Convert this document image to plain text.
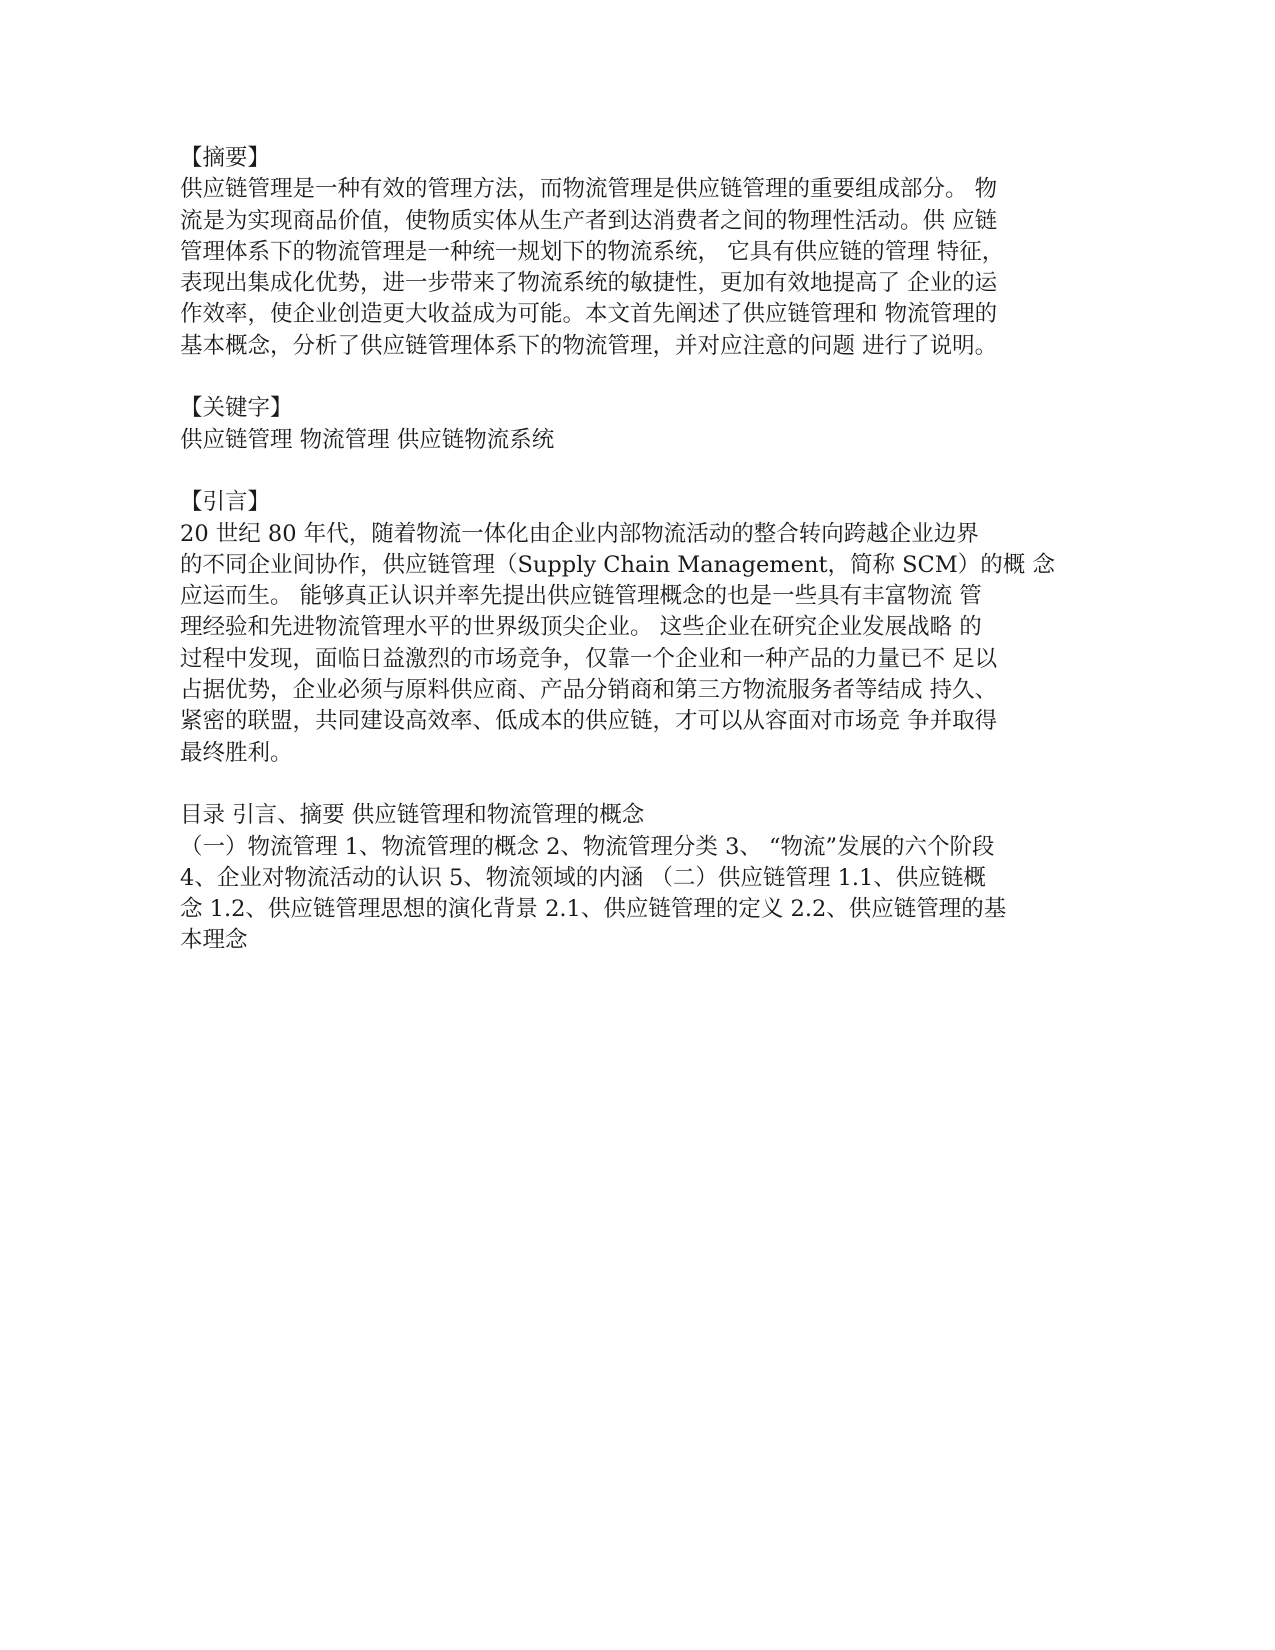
【摘要】
供应链管理是一种有效的管理方法，而物流管理是供应链管理的重要组成部分。 物
流是为实现商品价值，使物质实体从生产者到达消费者之间的物理性活动。供 应链
管理体系下的物流管理是一种统一规划下的物流系统， 它具有供应链的管理 特征，
表现出集成化优势，进一步带来了物流系统的敏捷性，更加有效地提高了 企业的运
作效率，使企业创造更大收益成为可能。本文首先阐述了供应链管理和 物流管理的
基本概念，分析了供应链管理体系下的物流管理，并对应注意的问题 进行了说明。
【关键字】
供应链管理 物流管理 供应链物流系统
【引言】
20 世纪 80 年代，随着物流一体化由企业内部物流活动的整合转向跨越企业边界
的不同企业间协作，供应链管理（Supply Chain Management，简称 SCM）的概 念
应运而生。 能够真正认识并率先提出供应链管理概念的也是一些具有丰富物流 管
理经验和先进物流管理水平的世界级顶尖企业。 这些企业在研究企业发展战略 的
过程中发现，面临日益激烈的市场竞争，仅靠一个企业和一种产品的力量已不 足以
占据优势，企业必须与原料供应商、产品分销商和第三方物流服务者等结成 持久、
紧密的联盟，共同建设高效率、低成本的供应链，才可以从容面对市场竞 争并取得
最终胜利。
目录 引言、摘要 供应链管理和物流管理的概念
（一）物流管理 1、物流管理的概念 2、物流管理分类 3、 “物流”发展的六个阶段
4、企业对物流活动的认识 5、物流领域的内涵 （二）供应链管理 1.1、供应链概
念 1.2、供应链管理思想的演化背景 2.1、供应链管理的定义 2.2、供应链管理的基
本理念
